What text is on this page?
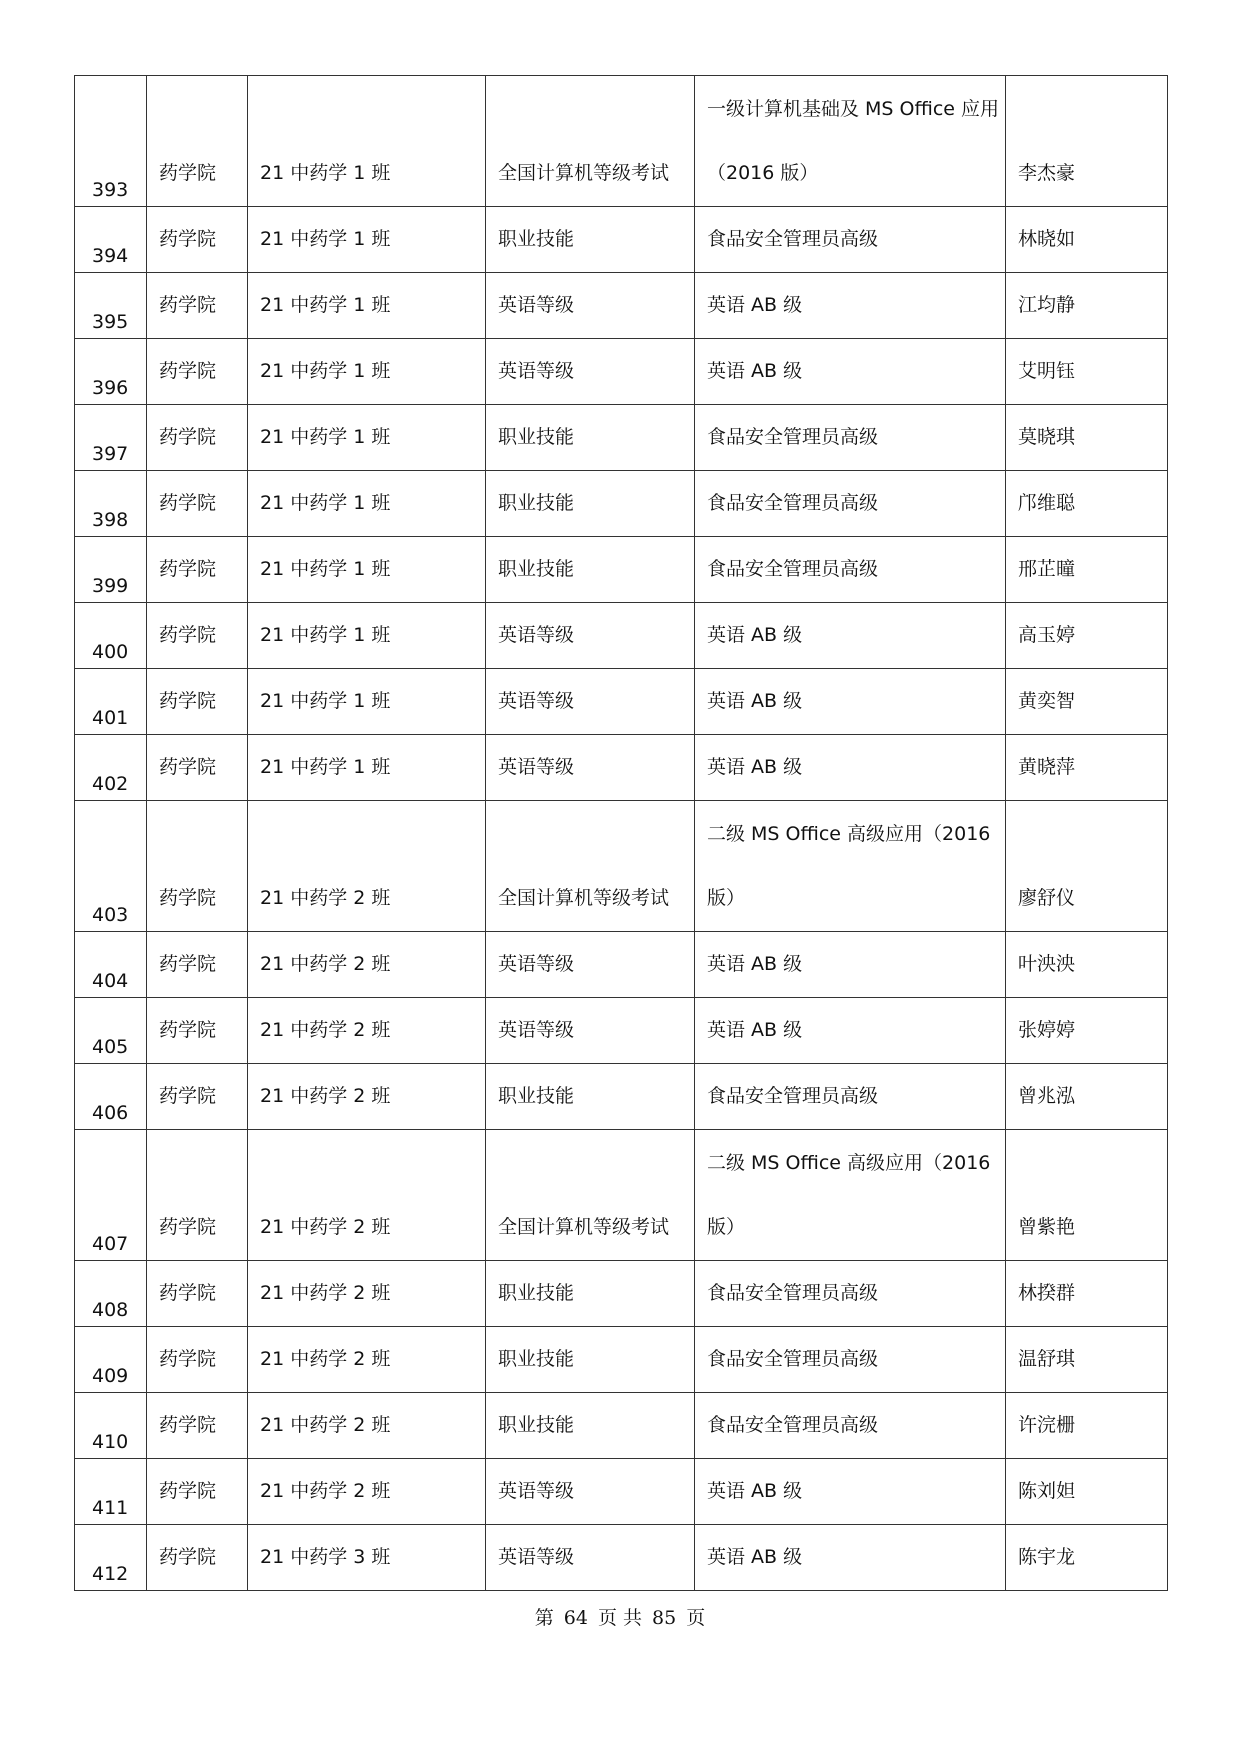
393	药学院	21 中药学 1 班	全国计算机等级考试	一级计算机基础及 MS Office 应用（2016 版）	李杰豪

394	药学院	21 中药学 1 班	职业技能	食品安全管理员高级	林晓如

395	药学院	21 中药学 1 班	英语等级	英语 AB 级	江均静

396	药学院	21 中药学 1 班	英语等级	英语 AB 级	艾明钰

397	药学院	21 中药学 1 班	职业技能	食品安全管理员高级	莫晓琪

398	药学院	21 中药学 1 班	职业技能	食品安全管理员高级	邝维聪

399	药学院	21 中药学 1 班	职业技能	食品安全管理员高级	邢芷曈

400	药学院	21 中药学 1 班	英语等级	英语 AB 级	高玉婷

401	药学院	21 中药学 1 班	英语等级	英语 AB 级	黄奕智

402	药学院	21 中药学 1 班	英语等级	英语 AB 级	黄晓萍

403	药学院	21 中药学 2 班	全国计算机等级考试	二级 MS Office 高级应用（2016 版）	廖舒仪

404	药学院	21 中药学 2 班	英语等级	英语 AB 级	叶泱泱

405	药学院	21 中药学 2 班	英语等级	英语 AB 级	张婷婷

406	药学院	21 中药学 2 班	职业技能	食品安全管理员高级	曾兆泓

407	药学院	21 中药学 2 班	全国计算机等级考试	二级 MS Office 高级应用（2016 版）	曾紫艳

408	药学院	21 中药学 2 班	职业技能	食品安全管理员高级	林揆群

409	药学院	21 中药学 2 班	职业技能	食品安全管理员高级	温舒琪

410	药学院	21 中药学 2 班	职业技能	食品安全管理员高级	许浣栅

411	药学院	21 中药学 2 班	英语等级	英语 AB 级	陈刘妲

412	药学院	21 中药学 3 班	英语等级	英语 AB 级	陈宇龙
第 64 页 共 85 页
